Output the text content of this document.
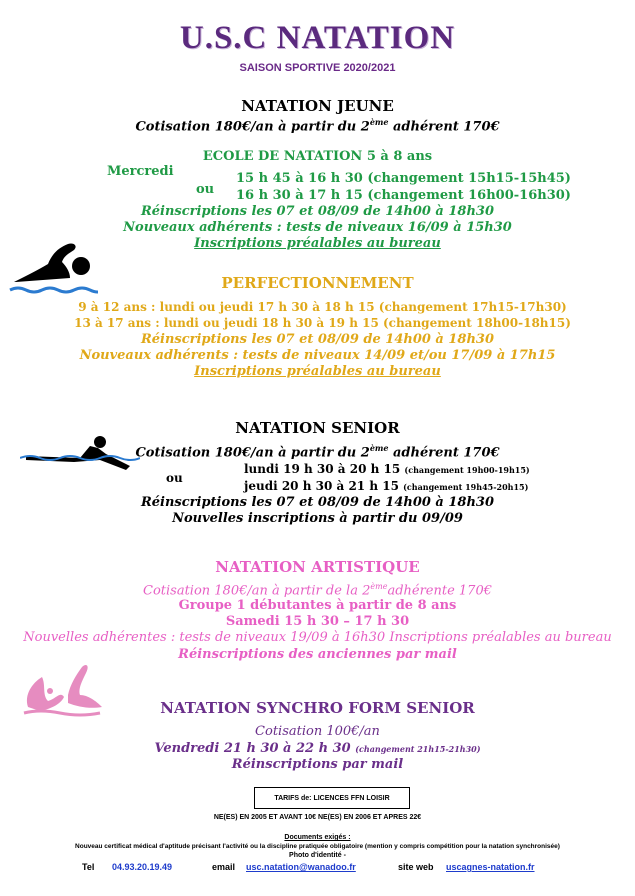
U.S.C NATATION
SAISON SPORTIVE 2020/2021
NATATION JEUNE
Cotisation 180€/an à partir du 2ème adhérent 170€
ECOLE DE NATATION 5 à 8 ans
Mercredi
ou
15 h 45 à 16 h 30 (changement 15h15-15h45)
16 h 30 à 17 h 15 (changement 16h00-16h30)
Réinscriptions les 07 et 08/09 de 14h00 à 18h30
Nouveaux adhérents : tests de niveaux 16/09 à 15h30
Inscriptions préalables au bureau
PERFECTIONNEMENT
9 à 12 ans : lundi ou jeudi 17 h 30 à 18 h 15 (changement 17h15-17h30)
13 à 17 ans : lundi ou jeudi 18 h 30 à 19 h 15 (changement 18h00-18h15)
Réinscriptions les 07 et 08/09 de 14h00 à 18h30
Nouveaux adhérents : tests de niveaux 14/09 et/ou 17/09 à 17h15
Inscriptions préalables au bureau
NATATION SENIOR
Cotisation 180€/an à partir du 2ème adhérent 170€
ou
lundi 19 h 30 à 20 h 15 (changement 19h00-19h15)
jeudi 20 h 30 à 21 h 15 (changement 19h45-20h15)
Réinscriptions les 07 et 08/09 de 14h00 à 18h30
Nouvelles inscriptions à partir du 09/09
NATATION ARTISTIQUE
Cotisation 180€/an à partir de la 2èmeadhérente 170€
Groupe 1 débutantes à partir de 8 ans
Samedi 15 h 30 – 17 h 30
Nouvelles adhérentes : tests de niveaux 19/09 à 16h30 Inscriptions préalables au bureau
Réinscriptions des anciennes par mail
NATATION SYNCHRO FORM SENIOR
Cotisation 100€/an
Vendredi 21 h 30 à 22 h 30 (changement 21h15-21h30)
Réinscriptions par mail
TARIFS de: LICENCES FFN LOISIR
NE(ES) EN 2005 ET AVANT 10€ NE(ES) EN 2006 ET APRES 22€
Documents exigés :
Nouveau certificat médical d'aptitude précisant l'activité ou la discipline pratiquée obligatoire (mention y compris compétition pour la natation synchronisée)
Photo d'identité -
Tel 04.93.20.19.49	email usc.natation@wanadoo.fr	site web uscagnes-natation.fr
